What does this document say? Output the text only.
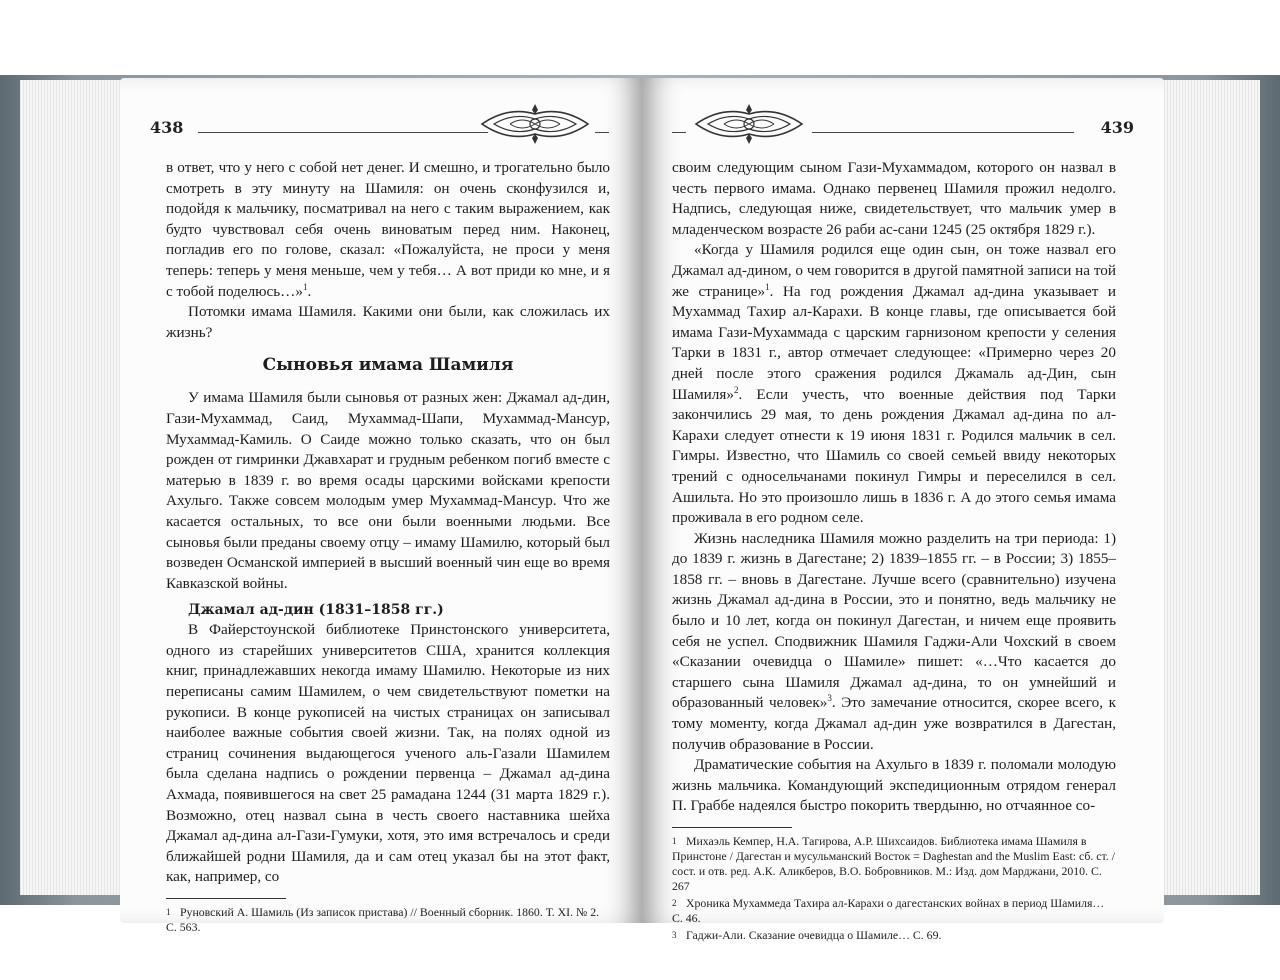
438

в ответ, что у него с собой нет денег. И смешно, и трогательно было смотреть в эту минуту на Шамиля: он очень сконфузился и, подойдя к мальчику, посматривал на него с таким выражением, как будто чувствовал себя очень виноватым перед ним. Наконец, погладив его по голове, сказал: «Пожалуйста, не проси у меня теперь: теперь у меня меньше, чем у тебя… А вот приди ко мне, и я с тобой поделюсь…»$^1$.

Потомки имама Шамиля. Какими они были, как сложилась их жизнь?

Сыновья имама Шамиля

У имама Шамиля были сыновья от разных жен: Джамал ад-дин, Гази-Мухаммад, Саид, Мухаммад-Шапи, Мухаммад-Мансур, Мухаммад-Камиль. О Саиде можно только сказать, что он был рожден от гимринки Джавхарат и грудным ребенком погиб вместе с матерью в 1839 г. во время осады царскими войсками крепости Ахульго. Также совсем молодым умер Мухаммад-Мансур. Что же касается остальных, то все они были военными людьми. Все сыновья были преданы своему отцу – имаму Шамилю, который был возведен Османской империей в высший военный чин еще во время Кавказской войны.

Джамал ад-дин (1831–1858 гг.)

В Файерстоунской библиотеке Принстонского университета, одного из старейших университетов США, хранится коллекция книг, принадлежавших некогда имаму Шамилю. Некоторые из них переписаны самим Шамилем, о чем свидетельствуют пометки на рукописи. В конце рукописей на чистых страницах он записывал наиболее важные события своей жизни. Так, на полях одной из страниц сочинения выдающегося ученого аль-Газали Шамилем была сделана надпись о рождении первенца – Джамал ад-дина Ахмада, появившегося на свет 25 рамадана 1244 (31 марта 1829 г.). Возможно, отец назвал сына в честь своего наставника шейха Джамал ад-дина ал-Гази-Гумуки, хотя, это имя встречалось и среди ближайшей родни Шамиля, да и сам отец указал бы на этот факт, как, например, со

1 Руновский А. Шамиль (Из записок пристава) // Военный сборник. 1860. Т. XI. № 2. С. 563.

439

своим следующим сыном Гази-Мухаммадом, которого он назвал в честь первого имама. Однако первенец Шамиля прожил недолго. Надпись, следующая ниже, свидетельствует, что мальчик умер в младенческом возрасте 26 раби ас-сани 1245 (25 октября 1829 г.).

«Когда у Шамиля родился еще один сын, он тоже назвал его Джамал ад-дином, о чем говорится в другой памятной записи на той же странице»$^1$. На год рождения Джамал ад-дина указывает и Мухаммад Тахир ал-Карахи. В конце главы, где описывается бой имама Гази-Мухаммада с царским гарнизоном крепости у селения Тарки в 1831 г., автор отмечает следующее: «Примерно через 20 дней после этого сражения родился Джамаль ад-Дин, сын Шамиля»$^2$. Если учесть, что военные действия под Тарки закончились 29 мая, то день рождения Джамал ад-дина по ал-Карахи следует отнести к 19 июня 1831 г. Родился мальчик в сел. Гимры. Известно, что Шамиль со своей семьей ввиду некоторых трений с односельчанами покинул Гимры и переселился в сел. Ашильта. Но это произошло лишь в 1836 г. А до этого семья имама проживала в его родном селе.

Жизнь наследника Шамиля можно разделить на три периода: 1) до 1839 г. жизнь в Дагестане; 2) 1839–1855 гг. – в России; 3) 1855–1858 гг. – вновь в Дагестане. Лучше всего (сравнительно) изучена жизнь Джамал ад-дина в России, это и понятно, ведь мальчику не было и 10 лет, когда он покинул Дагестан, и ничем еще проявить себя не успел. Сподвижник Шамиля Гаджи-Али Чохский в своем «Сказании очевидца о Шамиле» пишет: «…Что касается до старшего сына Шамиля Джамал ад-дина, то он умнейший и образованный человек»$^3$. Это замечание относится, скорее всего, к тому моменту, когда Джамал ад-дин уже возвратился в Дагестан, получив образование в России.

Драматические события на Ахульго в 1839 г. поломали молодую жизнь мальчика. Командующий экспедиционным отрядом генерал П. Граббе надеялся быстро покорить твердыню, но отчаянное со-

1 Михаэль Кемпер, Н.А. Тагирова, А.Р. Шихсаидов. Библиотека имама Шамиля в Принстоне / Дагестан и мусульманский Восток = Daghestan and the Muslim East: сб. ст. / сост. и отв. ред. А.К. Аликберов, В.О. Бобровников. М.: Изд. дом Марджани, 2010. С. 267

2 Хроника Мухаммеда Тахира ал-Карахи о дагестанских войнах в период Шамиля… С. 46.

3 Гаджи-Али. Сказание очевидца о Шамиле… С. 69.
